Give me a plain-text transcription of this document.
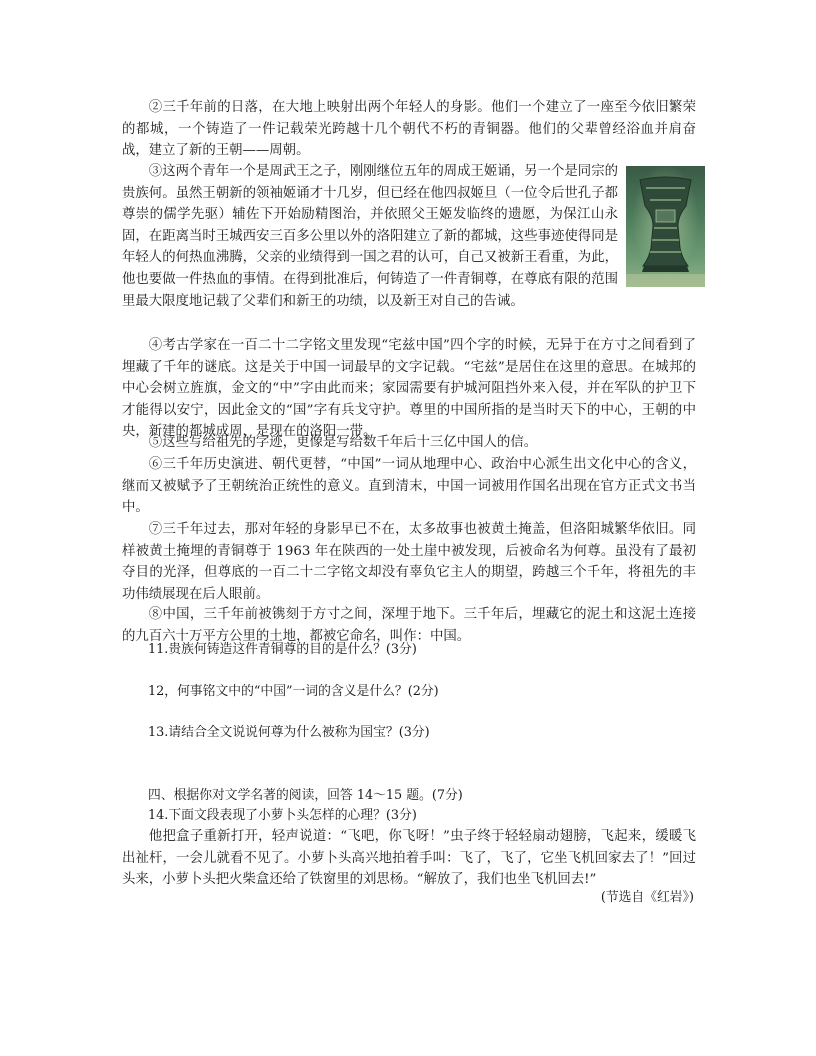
②三千年前的日落，在大地上映射出两个年轻人的身影。他们一个建立了一座至今依旧繁荣的都城，一个铸造了一件记载荣光跨越十几个朝代不朽的青铜器。他们的父辈曾经浴血并肩奋战，建立了新的王朝——周朝。

③这两个青年一个是周武王之子，刚刚继位五年的周成王姬诵，另一个是同宗的贵族何。虽然王朝新的领袖姬诵才十几岁，但已经在他四叔姬旦（一位令后世孔子都尊崇的儒学先驱）辅佐下开始励精图治，并依照父王姬发临终的遗愿，为保江山永固，在距离当时王城西安三百多公里以外的洛阳建立了新的都城，这些事迹使得同是年轻人的何热血沸腾，父亲的业绩得到一国之君的认可，自己又被新王看重，为此，他也要做一件热血的事情。在得到批准后，何铸造了一件青铜尊，在尊底有限的范围里最大限度地记载了父辈们和新王的功绩，以及新王对自己的告诫。

④考古学家在一百二十二字铭文里发现“宅兹中国”四个字的时候，无异于在方寸之间看到了埋藏了千年的谜底。这是关于中国一词最早的文字记载。“宅兹”是居住在这里的意思。在城邦的中心会树立旌旗，金文的“中”字由此而来；家园需要有护城河阻挡外来入侵，并在军队的护卫下才能得以安宁，因此金文的“国”字有兵戈守护。尊里的中国所指的是当时天下的中心，王朝的中央，新建的都城成周，是现在的洛阳一带。

⑤这些写给祖先的字迹，更像是写给数千年后十三亿中国人的信。

⑥三千年历史演进、朝代更替，“中国”一词从地理中心、政治中心派生出文化中心的含义，继而又被赋予了王朝统治正统性的意义。直到清末，中国一词被用作国名出现在官方正式文书当中。

⑦三千年过去，那对年轻的身影早已不在，太多故事也被黄土掩盖，但洛阳城繁华依旧。同样被黄土掩埋的青铜尊于 1963 年在陕西的一处土崖中被发现，后被命名为何尊。虽没有了最初夺目的光泽，但尊底的一百二十二字铭文却没有辜负它主人的期望，跨越三个千年，将祖先的丰功伟绩展现在后人眼前。

⑧中国，三千年前被镌刻于方寸之间，深埋于地下。三千年后，埋藏它的泥土和这泥土连接的九百六十万平方公里的土地，都被它命名，叫作：中国。

11.贵族何铸造这件青铜尊的目的是什么？(3分)

12，何事铭文中的“中国”一词的含义是什么？(2分)

13.请结合全文说说何尊为什么被称为国宝？(3分)

四、根据你对文学名著的阅读，回答 14～15 题。(7分)

14.下面文段表现了小萝卜头怎样的心理？(3分)

他把盒子重新打开，轻声说道：“飞吧，你飞呀！”虫子终于轻轻扇动翅膀，飞起来，缓暖飞出祉杆，一会儿就看不见了。小萝卜头高兴地拍着手叫：飞了，飞了，它坐飞机回家去了！”回过头来，小萝卜头把火柴盒还给了铁窗里的刘思杨。“解放了，我们也坐飞机回去!”

(节选自《红岩》)
